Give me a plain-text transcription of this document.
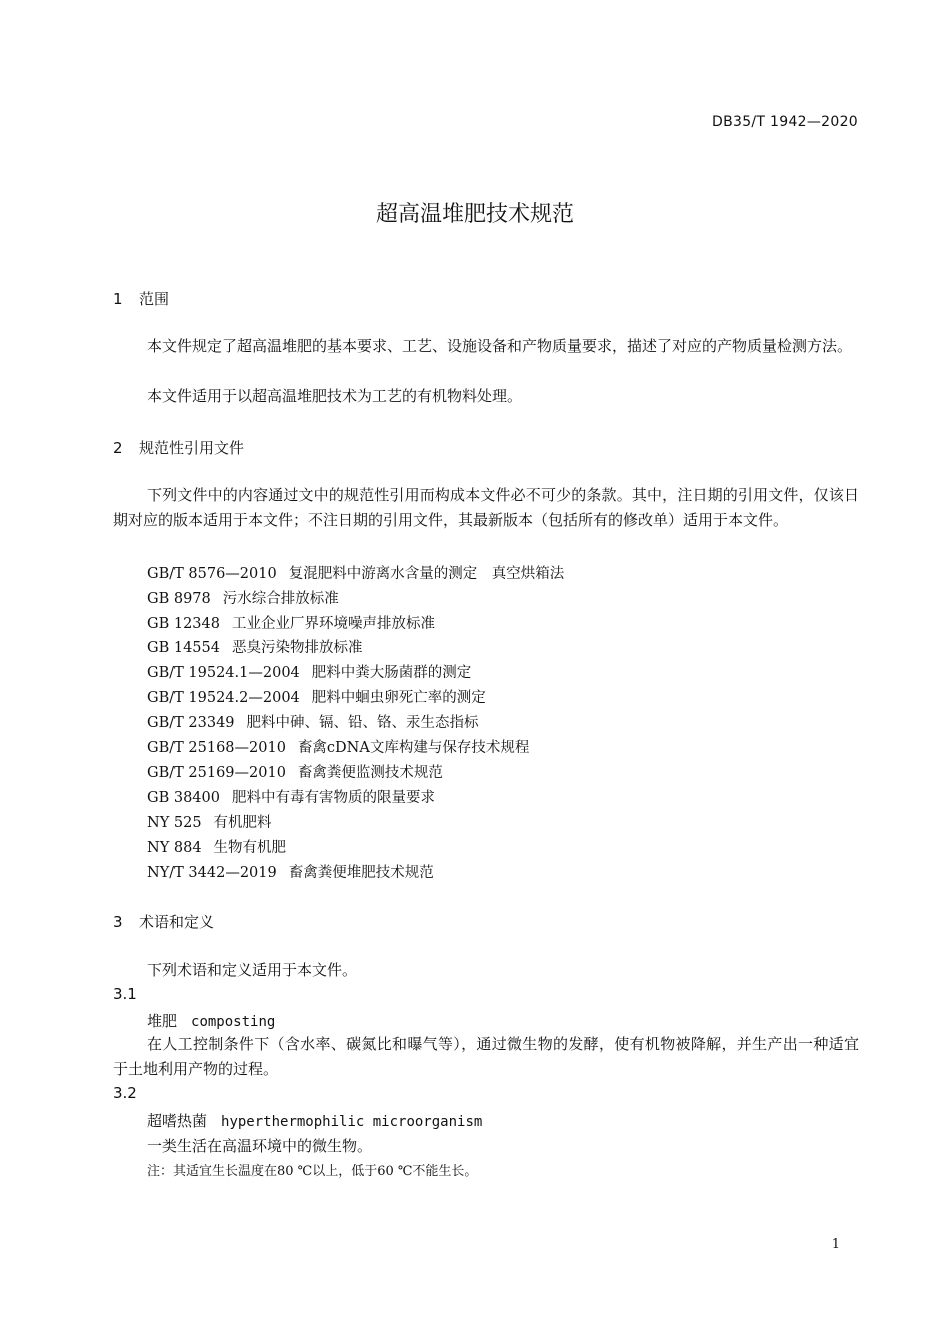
DB35/T 1942—2020
超高温堆肥技术规范
1 范围
本文件规定了超高温堆肥的基本要求、工艺、设施设备和产物质量要求，描述了对应的产物质量检测方法。
本文件适用于以超高温堆肥技术为工艺的有机物料处理。
2 规范性引用文件
下列文件中的内容通过文中的规范性引用而构成本文件必不可少的条款。其中，注日期的引用文件，仅该日期对应的版本适用于本文件；不注日期的引用文件，其最新版本（包括所有的修改单）适用于本文件。
GB/T 8576—2010 复混肥料中游离水含量的测定　真空烘箱法
GB 8978 污水综合排放标准
GB 12348 工业企业厂界环境噪声排放标准
GB 14554 恶臭污染物排放标准
GB/T 19524.1—2004 肥料中粪大肠菌群的测定
GB/T 19524.2—2004 肥料中蛔虫卵死亡率的测定
GB/T 23349 肥料中砷、镉、铅、铬、汞生态指标
GB/T 25168—2010 畜禽cDNA文库构建与保存技术规程
GB/T 25169—2010 畜禽粪便监测技术规范
GB 38400 肥料中有毒有害物质的限量要求
NY 525 有机肥料
NY 884 生物有机肥
NY/T 3442—2019 畜禽粪便堆肥技术规范
3 术语和定义
下列术语和定义适用于本文件。
3.1
堆肥 composting
在人工控制条件下（含水率、碳氮比和曝气等），通过微生物的发酵，使有机物被降解，并生产出一种适宜于土地利用产物的过程。
3.2
超嗜热菌 hyperthermophilic microorganism
一类生活在高温环境中的微生物。
注：其适宜生长温度在80 ℃以上，低于60 ℃不能生长。
1
